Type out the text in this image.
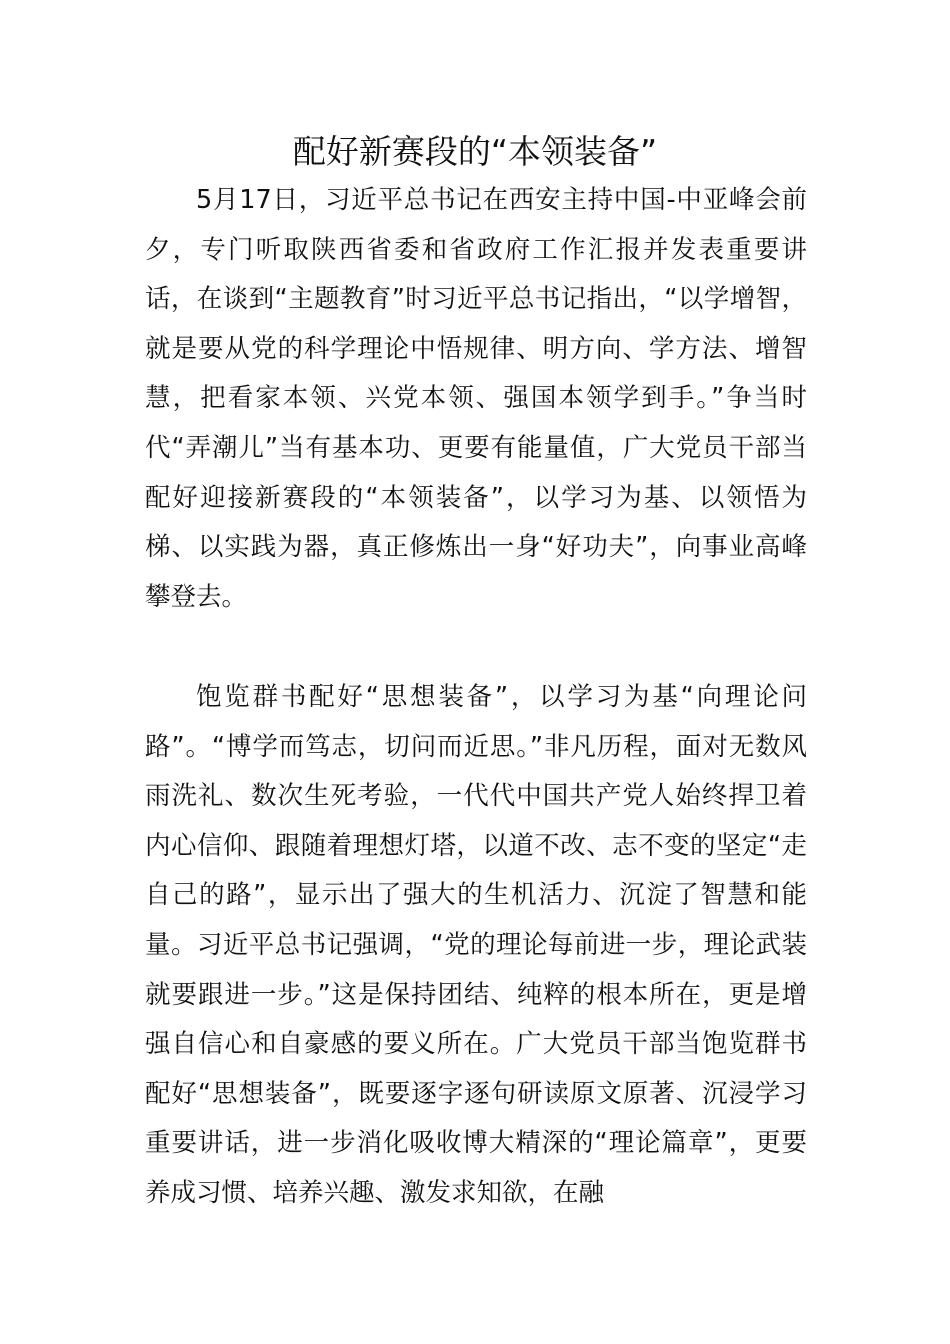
配好新赛段的“本领装备”

5月17日，习近平总书记在西安主持中国-中亚峰会前夕，专门听取陕西省委和省政府工作汇报并发表重要讲话，在谈到“主题教育”时习近平总书记指出，“以学增智，就是要从党的科学理论中悟规律、明方向、学方法、增智慧，把看家本领、兴党本领、强国本领学到手。”争当时代“弄潮儿”当有基本功、更要有能量值，广大党员干部当配好迎接新赛段的“本领装备”，以学习为基、以领悟为梯、以实践为器，真正修炼出一身“好功夫”，向事业高峰攀登去。

饱览群书配好“思想装备”，以学习为基“向理论问路”。“博学而笃志，切问而近思。”非凡历程，面对无数风雨洗礼、数次生死考验，一代代中国共产党人始终捍卫着内心信仰、跟随着理想灯塔，以道不改、志不变的坚定“走自己的路”，显示出了强大的生机活力、沉淀了智慧和能量。习近平总书记强调，“党的理论每前进一步，理论武装就要跟进一步。”这是保持团结、纯粹的根本所在，更是增强自信心和自豪感的要义所在。广大党员干部当饱览群书配好“思想装备”，既要逐字逐句研读原文原著、沉浸学习重要讲话，进一步消化吸收博大精深的“理论篇章”，更要养成习惯、培养兴趣、激发求知欲，在融
